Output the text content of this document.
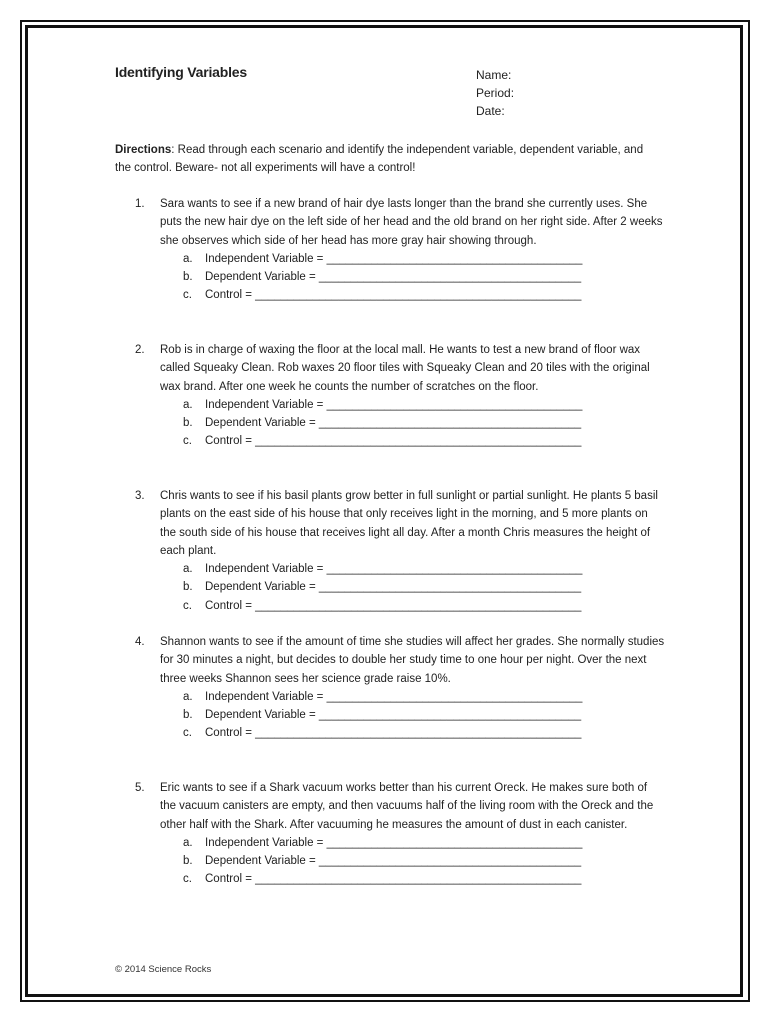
Identifying Variables	Name:
Period:
Date:
Directions: Read through each scenario and identify the independent variable, dependent variable, and the control. Beware- not all experiments will have a control!
1.	Sara wants to see if a new brand of hair dye lasts longer than the brand she currently uses. She puts the new hair dye on the left side of her head and the old brand on her right side. After 2 weeks she observes which side of her head has more gray hair showing through.
a. Independent Variable = ________________________________________
b. Dependent Variable = _________________________________________
c. Control = ___________________________________________________
2.	Rob is in charge of waxing the floor at the local mall. He wants to test a new brand of floor wax called Squeaky Clean. Rob waxes 20 floor tiles with Squeaky Clean and 20 tiles with the original wax brand. After one week he counts the number of scratches on the floor.
a. Independent Variable = ________________________________________
b. Dependent Variable = _________________________________________
c. Control = ___________________________________________________
3.	Chris wants to see if his basil plants grow better in full sunlight or partial sunlight. He plants 5 basil plants on the east side of his house that only receives light in the morning, and 5 more plants on the south side of his house that receives light all day. After a month Chris measures the height of each plant.
a. Independent Variable = ________________________________________
b. Dependent Variable = _________________________________________
c. Control = ___________________________________________________
4.	Shannon wants to see if the amount of time she studies will affect her grades. She normally studies for 30 minutes a night, but decides to double her study time to one hour per night. Over the next three weeks Shannon sees her science grade raise 10%.
a. Independent Variable = ________________________________________
b. Dependent Variable = _________________________________________
c. Control = ___________________________________________________
5.	Eric wants to see if a Shark vacuum works better than his current Oreck. He makes sure both of the vacuum canisters are empty, and then vacuums half of the living room with the Oreck and the other half with the Shark. After vacuuming he measures the amount of dust in each canister.
a. Independent Variable = ________________________________________
b. Dependent Variable = _________________________________________
c. Control = ___________________________________________________
© 2014 Science Rocks
